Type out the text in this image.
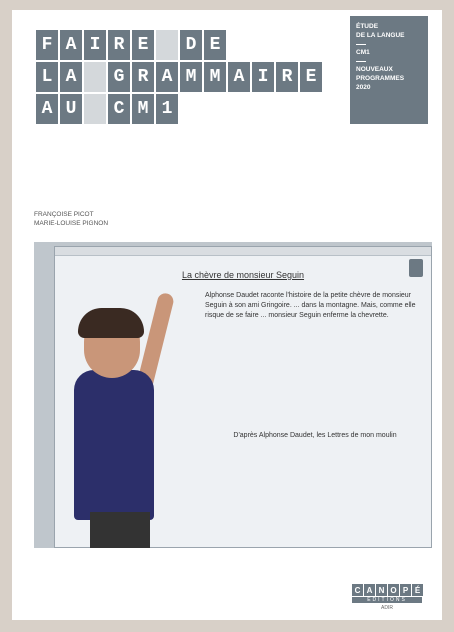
F A I R E	D E
L A	G R A M M A I R E
A U	C M 1
ÉTUDE
DE LA LANGUE
CM1
NOUVEAUX
PROGRAMMES
2020
FRANÇOISE PICOT
MARIE-LOUISE PIGNON
La chèvre de monsieur Seguin
Alphonse Daudet raconte l'histoire de la petite chèvre de monsieur Seguin à son ami Gringoire. ... dans la montagne. Mais, comme elle risque de se faire ... monsieur Seguin enferme la chevrette.
D'après Alphonse Daudet, les Lettres de mon moulin
C A N O P É
ÉDITIONS
ADIR
